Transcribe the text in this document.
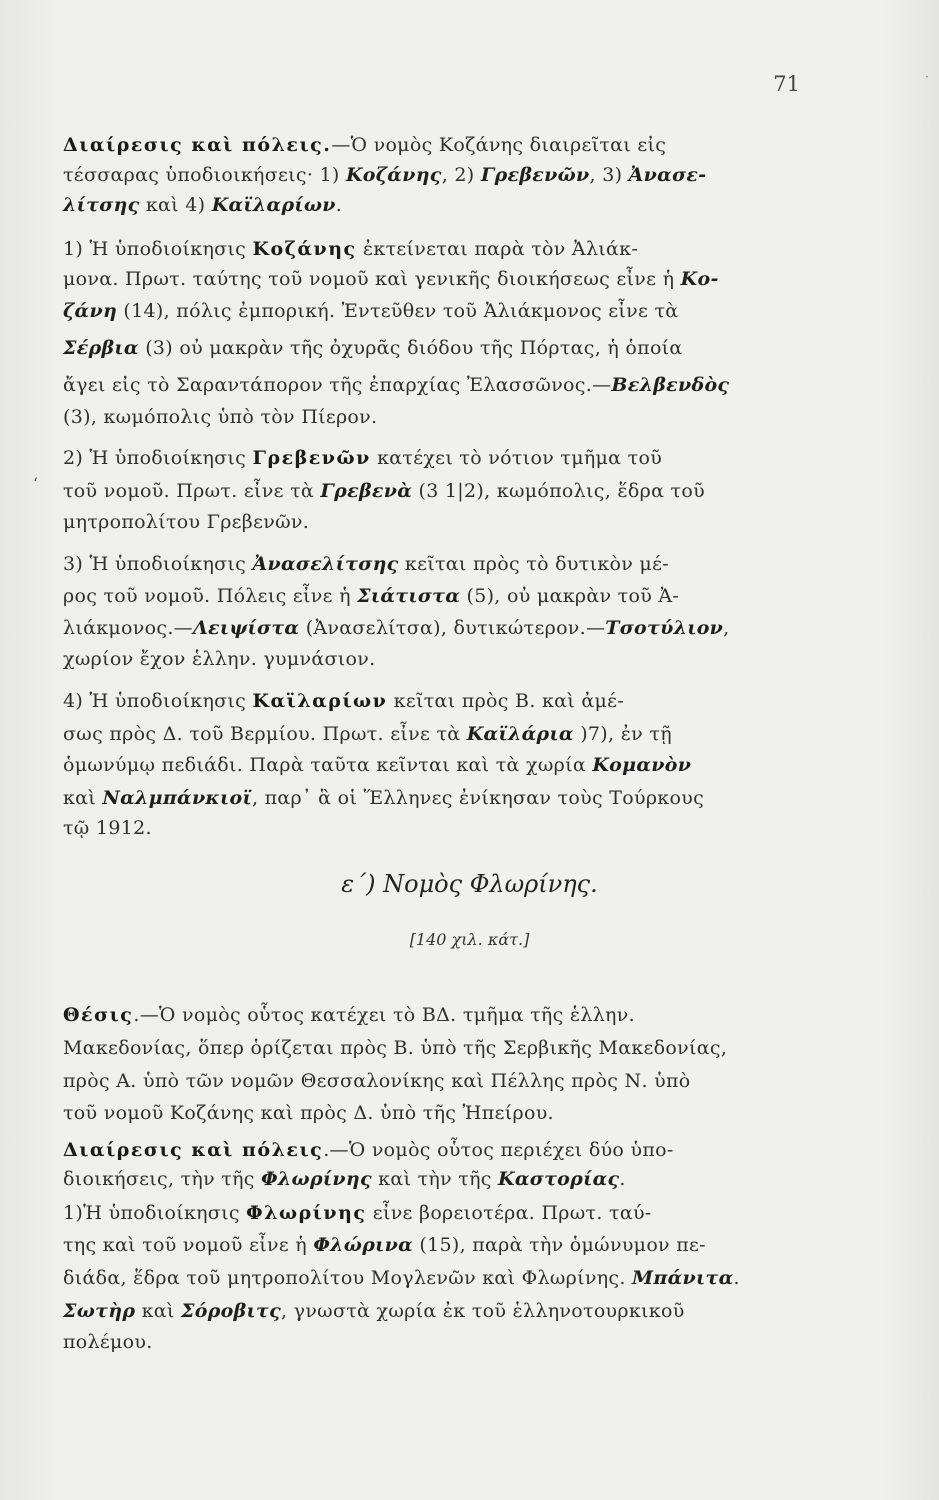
·
71
ʻ
Διαίρεσις καὶ πόλεις.—Ὁ νομὸς Κοζάνης διαιρεῖται εἰς
τέσσαρας ὑποδιοικήσεις· 1) Κοζάνης, 2) Γρεβενῶν, 3) Ἀνασε-
λίτσης καὶ 4) Καϊλαρίων.
1) Ἡ ὑποδιοίκησις Κοζάνης ἐκτείνεται παρὰ τὸν Ἀλιάκ-
μονα. Πρωτ. ταύτης τοῦ νομοῦ καὶ γενικῆς διοικήσεως εἶνε ἡ Κο-
ζάνη (14), πόλις ἐμπορική. Ἐντεῦθεν τοῦ Ἀλιάκμονος εἶνε τὰ
Σέρβια (3) οὐ μακρὰν τῆς ὀχυρᾶς διόδου τῆς Πόρτας, ἡ ὁποία
ἄγει εἰς τὸ Σαραντάπορον τῆς ἐπαρχίας Ἐλασσῶνος.—Βελβενδὸς
(3), κωμόπολις ὑπὸ τὸν Πίερον.
2) Ἡ ὑποδιοίκησις Γρεβενῶν κατέχει τὸ νότιον τμῆμα τοῦ
τοῦ νομοῦ. Πρωτ. εἶνε τὰ Γρεβενὰ (3 1|2), κωμόπολις, ἕδρα τοῦ
μητροπολίτου Γρεβενῶν.
3) Ἡ ὑποδιοίκησις Ἀνασελίτσης κεῖται πρὸς τὸ δυτικὸν μέ-
ρος τοῦ νομοῦ. Πόλεις εἶνε ἡ Σιάτιστα (5), οὐ μακρὰν τοῦ Ἀ-
λιάκμονος.—Λειψίστα (Ἀνασελίτσα), δυτικώτερον.—Τσοτύλιον,
χωρίον ἔχον ἑλλην. γυμνάσιον.
4) Ἡ ὑποδιοίκησις Καϊλαρίων κεῖται πρὸς Β. καὶ ἀμέ-
σως πρὸς Δ. τοῦ Βερμίου. Πρωτ. εἶνε τὰ Καϊλάρια )7), ἐν τῇ
ὁμωνύμῳ πεδιάδι. Παρὰ ταῦτα κεῖνται καὶ τὰ χωρία Κομανὸν
καὶ Ναλμπάνκιοϊ, παρ᾿ ἃ οἱ Ἕλληνες ἐνίκησαν τοὺς Τούρκους
τῷ 1912.
Θέσις.—Ὁ νομὸς οὗτος κατέχει τὸ ΒΔ. τμῆμα τῆς ἑλλην.
Μακεδονίας, ὅπερ ὁρίζεται πρὸς Β. ὑπὸ τῆς Σερβικῆς Μακεδονίας,
πρὸς Α. ὑπὸ τῶν νομῶν Θεσσαλονίκης καὶ Πέλλης πρὸς Ν. ὑπὸ
τοῦ νομοῦ Κοζάνης καὶ πρὸς Δ. ὑπὸ τῆς Ἠπείρου.
Διαίρεσις καὶ πόλεις.—Ὁ νομὸς οὗτος περιέχει δύο ὑπο-
διοικήσεις, τὴν τῆς Φλωρίνης καὶ τὴν τῆς Καστορίας.
1)Ἡ ὑποδιοίκησις Φλωρίνης εἶνε βορειοτέρα. Πρωτ. ταύ-
της καὶ τοῦ νομοῦ εἶνε ἡ Φλώρινα (15), παρὰ τὴν ὁμώνυμον πε-
διάδα, ἕδρα τοῦ μητροπολίτου Μογλενῶν καὶ Φλωρίνης. Μπάνιτα.
Σωτὴρ καὶ Σόροβιτς, γνωστὰ χωρία ἐκ τοῦ ἑλληνοτουρκικοῦ
πολέμου.
ε΄) Νομὸς Φλωρίνης.
[140 χιλ. κάτ.]
